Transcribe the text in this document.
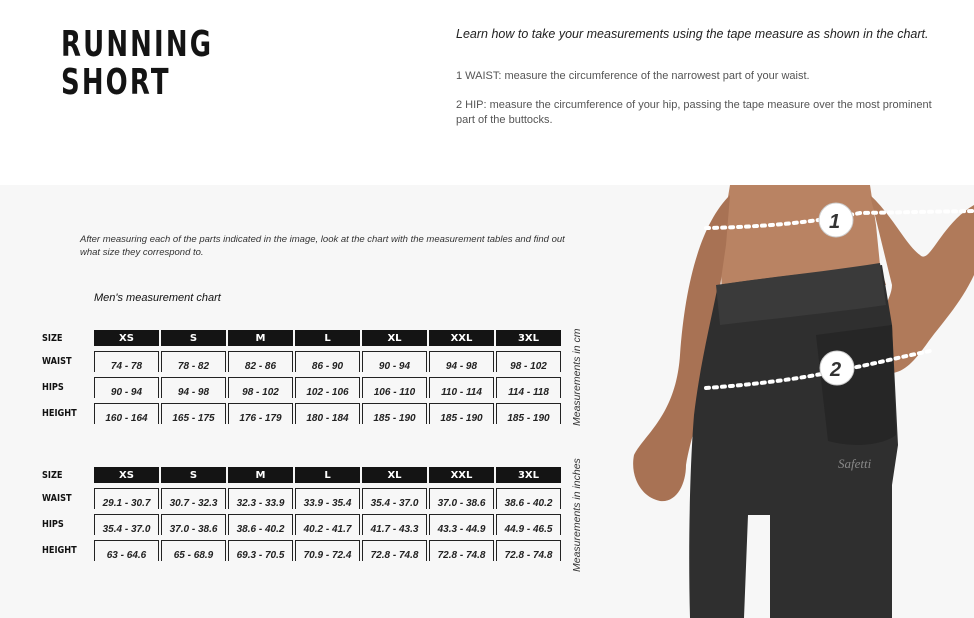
RUNNING
SHORT
Learn how to take your measurements using the tape measure as shown in the chart.
1 WAIST: measure the circumference of the narrowest part of your waist.
2 HIP: measure the circumference of your hip, passing the tape measure over the most prominent part of the buttocks.
After measuring each of the parts indicated in the image, look at the chart with the measurement tables and find out what size they correspond to.
Men's measurement chart
SIZE	XS	S	M	L	XL	XXL	3XL

WAIST	74 - 78	78 - 82	82 - 86	86 - 90	90 - 94	94 - 98	98 - 102

HIPS	90 - 94	94 - 98	98 - 102	102 - 106	106 - 110	110 - 114	114 - 118

HEIGHT	160 - 164	165 - 175	176 - 179	180 - 184	185 - 190	185 - 190	185 - 190 Measurements in cm
SIZE	XS	S	M	L	XL	XXL	3XL

WAIST	29.1 - 30.7	30.7 - 32.3	32.3 - 33.9	33.9 - 35.4	35.4 - 37.0	37.0 - 38.6	38.6 - 40.2

HIPS	35.4 - 37.0	37.0 - 38.6	38.6 - 40.2	40.2 - 41.7	41.7 - 43.3	43.3 - 44.9	44.9 - 46.5

HEIGHT	63 - 64.6	65 - 68.9	69.3 - 70.5	70.9 - 72.4	72.8 - 74.8	72.8 - 74.8	72.8 - 74.8 Measurements in inches	Safetti
1
2
